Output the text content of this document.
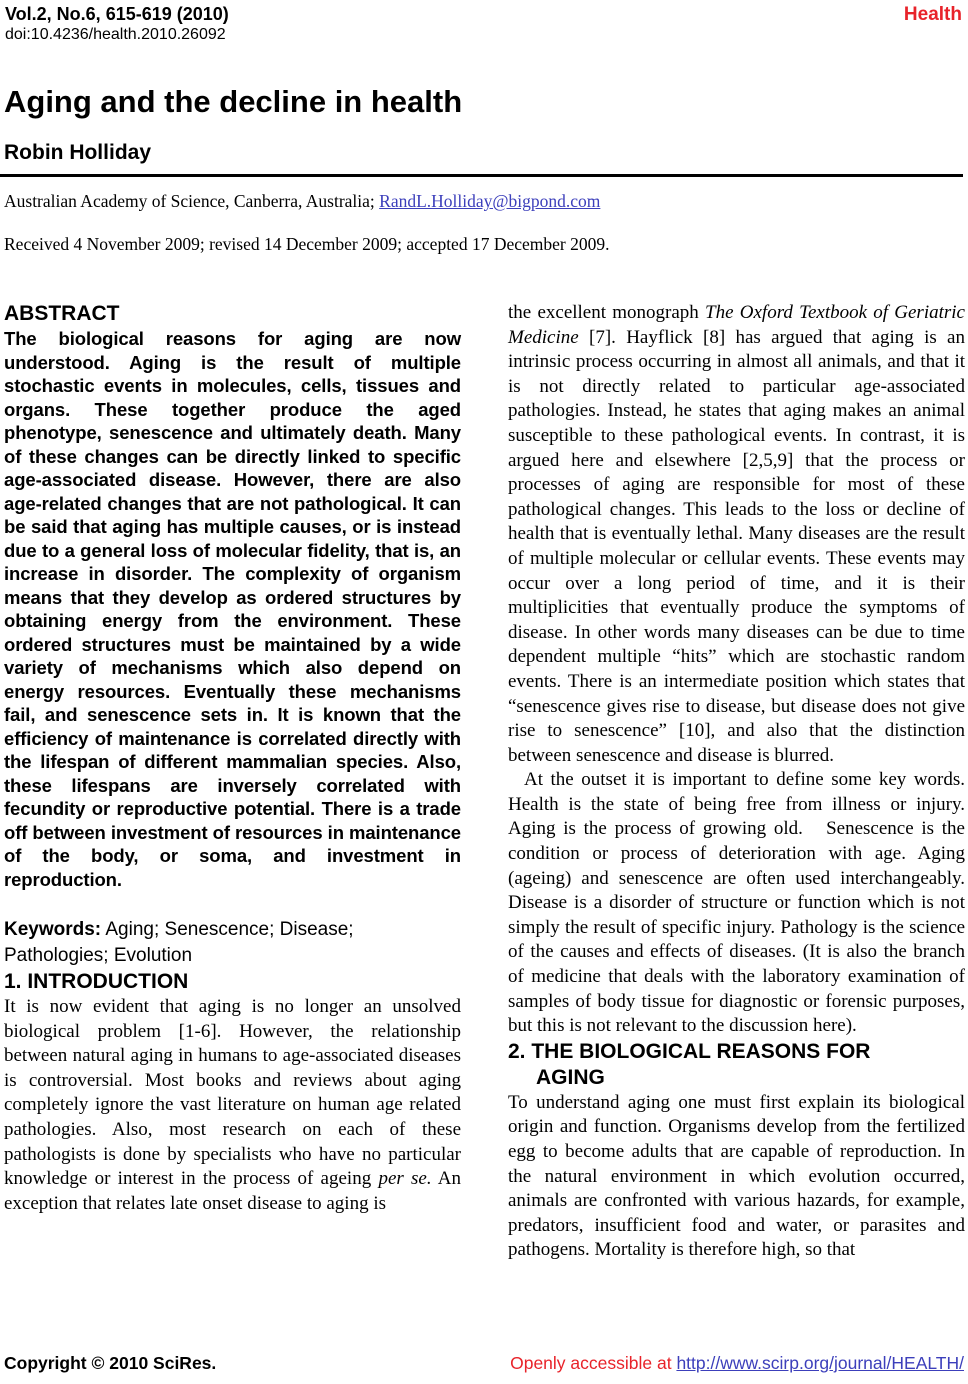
Vol.2, No.6, 615-619 (2010)
doi:10.4236/health.2010.26092
Health
Aging and the decline in health
Robin Holliday
Australian Academy of Science, Canberra, Australia; RandL.Holliday@bigpond.com
Received 4 November 2009; revised 14 December 2009; accepted 17 December 2009.
ABSTRACT

The biological reasons for aging are now understood. Aging is the result of multiple stochastic events in molecules, cells, tissues and organs. These together produce the aged phenotype, senescence and ultimately death. Many of these changes can be directly linked to specific age-associated disease. However, there are also age-related changes that are not pathological. It can be said that aging has multiple causes, or is instead due to a general loss of molecular fidelity, that is, an increase in disorder. The complexity of organism means that they develop as ordered structures by obtaining energy from the environment. These ordered structures must be maintained by a wide variety of mechanisms which also depend on energy resources. Eventually these mechanisms fail, and senescence sets in. It is known that the efficiency of maintenance is correlated directly with the lifespan of different mammalian species. Also, these lifespans are inversely correlated with fecundity or reproductive potential. There is a trade off between investment of resources in maintenance of the body, or soma, and investment in reproduction.

Keywords: Aging; Senescence; Disease;
Pathologies; Evolution

1. INTRODUCTION

It is now evident that aging is no longer an unsolved biological problem [1-6]. However, the relationship between natural aging in humans to age-associated diseases is controversial. Most books and reviews about aging completely ignore the vast literature on human age related pathologies. Also, most research on each of these pathologists is done by specialists who have no particular knowledge or interest in the process of ageing per se. An exception that relates late onset disease to aging is

the excellent monograph The Oxford Textbook of Geriatric Medicine [7]. Hayflick [8] has argued that aging is an intrinsic process occurring in almost all animals, and that it is not directly related to particular age-associated pathologies. Instead, he states that aging makes an animal susceptible to these pathological events. In contrast, it is argued here and elsewhere [2,5,9] that the process or processes of aging are responsible for most of these pathological changes. This leads to the loss or decline of health that is eventually lethal. Many diseases are the result of multiple molecular or cellular events. These events may occur over a long period of time, and it is their multiplicities that eventually produce the symptoms of disease. In other words many diseases can be due to time dependent multiple “hits” which are stochastic random events. There is an intermediate position which states that “senescence gives rise to disease, but disease does not give rise to senescence” [10], and also that the distinction between senescence and disease is blurred.

At the outset it is important to define some key words. Health is the state of being free from illness or injury. Aging is the process of growing old.   Senescence is the condition or process of deterioration with age. Aging (ageing) and senescence are often used interchangeably. Disease is a disorder of structure or function which is not simply the result of specific injury. Pathology is the science of the causes and effects of diseases. (It is also the branch of medicine that deals with the laboratory examination of samples of body tissue for diagnostic or forensic purposes, but this is not relevant to the discussion here).

2. THE BIOLOGICAL REASONS FOR
AGING

To understand aging one must first explain its biological origin and function. Organisms develop from the fertilized egg to become adults that are capable of reproduction. In the natural environment in which evolution occurred, animals are confronted with various hazards, for example, predators, insufficient food and water, or parasites and pathogens. Mortality is therefore high, so that

Copyright © 2010 SciRes.	Openly accessible at http://www.scirp.org/journal/HEALTH/
